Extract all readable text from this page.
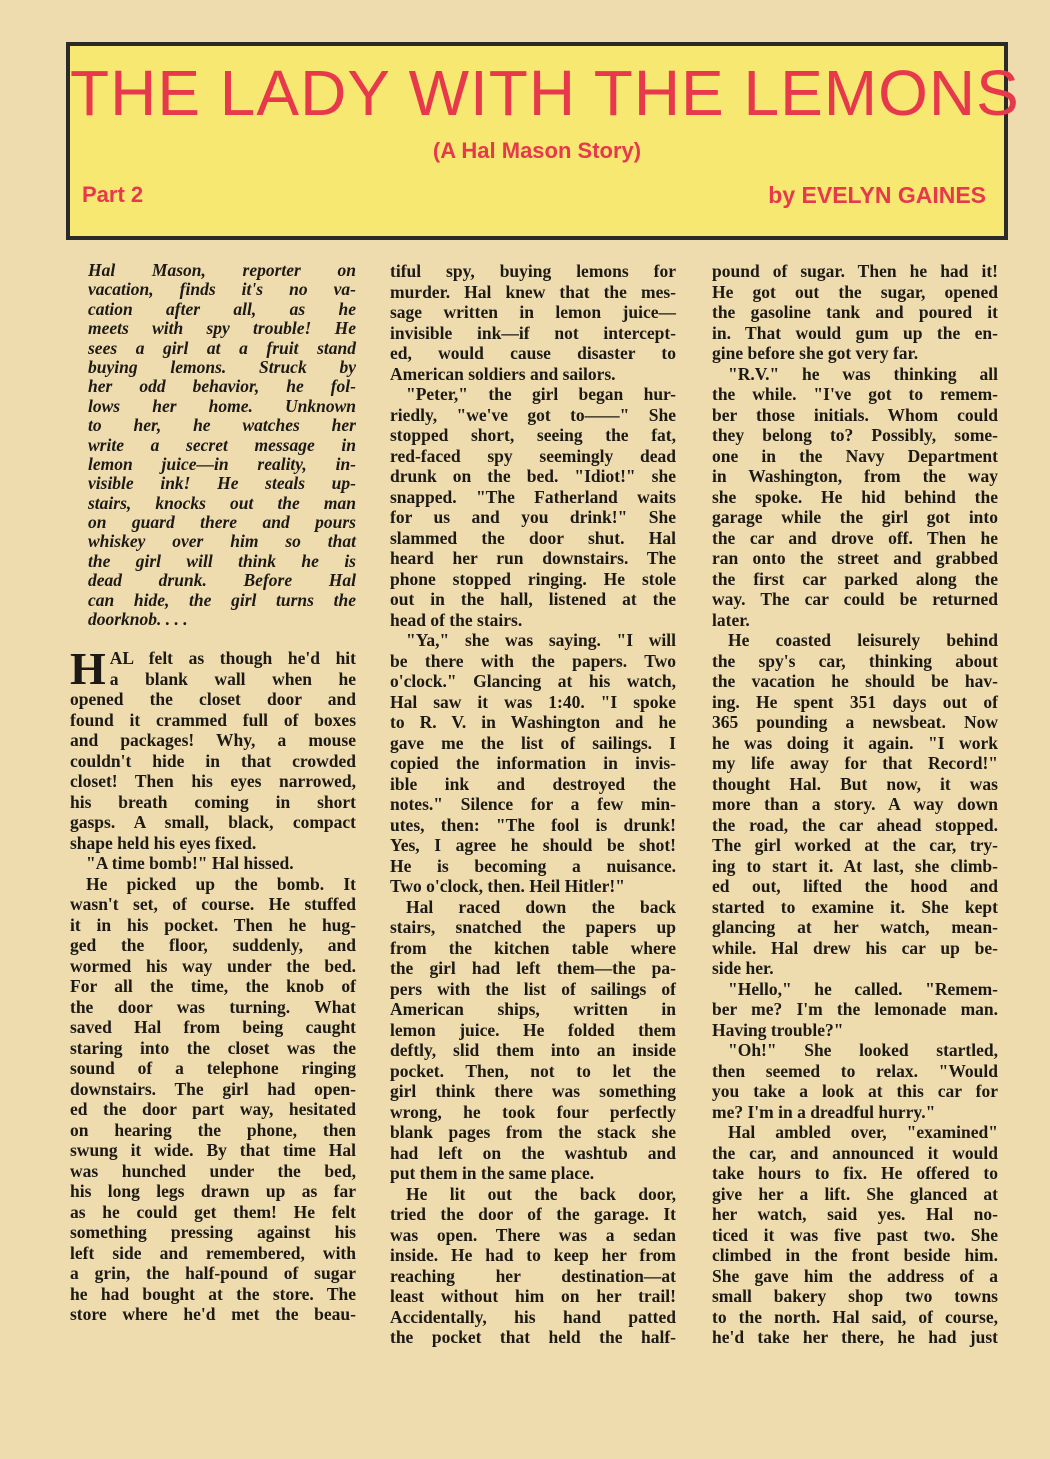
THE LADY WITH THE LEMONS
(A Hal Mason Story)
Part 2	by EVELYN GAINES
Hal Mason, reporter on
vacation, finds it's no va-
cation after all, as he
meets with spy trouble! He
sees a girl at a fruit stand
buying lemons. Struck by
her odd behavior, he fol-
lows her home. Unknown
to her, he watches her
write a secret message in
lemon juice—in reality, in-
visible ink! He steals up-
stairs, knocks out the man
on guard there and pours
whiskey over him so that
the girl will think he is
dead drunk. Before Hal
can hide, the girl turns the
doorknob. . . .
H AL felt as though he'd hit
a blank wall when he
opened the closet door and
found it crammed full of boxes
and packages! Why, a mouse
couldn't hide in that crowded
closet! Then his eyes narrowed,
his breath coming in short
gasps. A small, black, compact
shape held his eyes fixed.
"A time bomb!" Hal hissed.
He picked up the bomb. It
wasn't set, of course. He stuffed
it in his pocket. Then he hug-
ged the floor, suddenly, and
wormed his way under the bed.
For all the time, the knob of
the door was turning. What
saved Hal from being caught
staring into the closet was the
sound of a telephone ringing
downstairs. The girl had open-
ed the door part way, hesitated
on hearing the phone, then
swung it wide. By that time Hal
was hunched under the bed,
his long legs drawn up as far
as he could get them! He felt
something pressing against his
left side and remembered, with
a grin, the half-pound of sugar
he had bought at the store. The
store where he'd met the beau-
tiful spy, buying lemons for
murder. Hal knew that the mes-
sage written in lemon juice—
invisible ink—if not intercept-
ed, would cause disaster to
American soldiers and sailors.
"Peter," the girl began hur-
riedly, "we've got to——" She
stopped short, seeing the fat,
red-faced spy seemingly dead
drunk on the bed. "Idiot!" she
snapped. "The Fatherland waits
for us and you drink!" She
slammed the door shut. Hal
heard her run downstairs. The
phone stopped ringing. He stole
out in the hall, listened at the
head of the stairs.
"Ya," she was saying. "I will
be there with the papers. Two
o'clock." Glancing at his watch,
Hal saw it was 1:40. "I spoke
to R. V. in Washington and he
gave me the list of sailings. I
copied the information in invis-
ible ink and destroyed the
notes." Silence for a few min-
utes, then: "The fool is drunk!
Yes, I agree he should be shot!
He is becoming a nuisance.
Two o'clock, then. Heil Hitler!"
Hal raced down the back
stairs, snatched the papers up
from the kitchen table where
the girl had left them—the pa-
pers with the list of sailings of
American ships, written in
lemon juice. He folded them
deftly, slid them into an inside
pocket. Then, not to let the
girl think there was something
wrong, he took four perfectly
blank pages from the stack she
had left on the washtub and
put them in the same place.
He lit out the back door,
tried the door of the garage. It
was open. There was a sedan
inside. He had to keep her from
reaching her destination—at
least without him on her trail!
Accidentally, his hand patted
the pocket that held the half-
pound of sugar. Then he had it!
He got out the sugar, opened
the gasoline tank and poured it
in. That would gum up the en-
gine before she got very far.
"R.V." he was thinking all
the while. "I've got to remem-
ber those initials. Whom could
they belong to? Possibly, some-
one in the Navy Department
in Washington, from the way
she spoke. He hid behind the
garage while the girl got into
the car and drove off. Then he
ran onto the street and grabbed
the first car parked along the
way. The car could be returned
later.
He coasted leisurely behind
the spy's car, thinking about
the vacation he should be hav-
ing. He spent 351 days out of
365 pounding a newsbeat. Now
he was doing it again. "I work
my life away for that Record!"
thought Hal. But now, it was
more than a story. A way down
the road, the car ahead stopped.
The girl worked at the car, try-
ing to start it. At last, she climb-
ed out, lifted the hood and
started to examine it. She kept
glancing at her watch, mean-
while. Hal drew his car up be-
side her.
"Hello," he called. "Remem-
ber me? I'm the lemonade man.
Having trouble?"
"Oh!" She looked startled,
then seemed to relax. "Would
you take a look at this car for
me? I'm in a dreadful hurry."
Hal ambled over, "examined"
the car, and announced it would
take hours to fix. He offered to
give her a lift. She glanced at
her watch, said yes. Hal no-
ticed it was five past two. She
climbed in the front beside him.
She gave him the address of a
small bakery shop two towns
to the north. Hal said, of course,
he'd take her there, he had just
